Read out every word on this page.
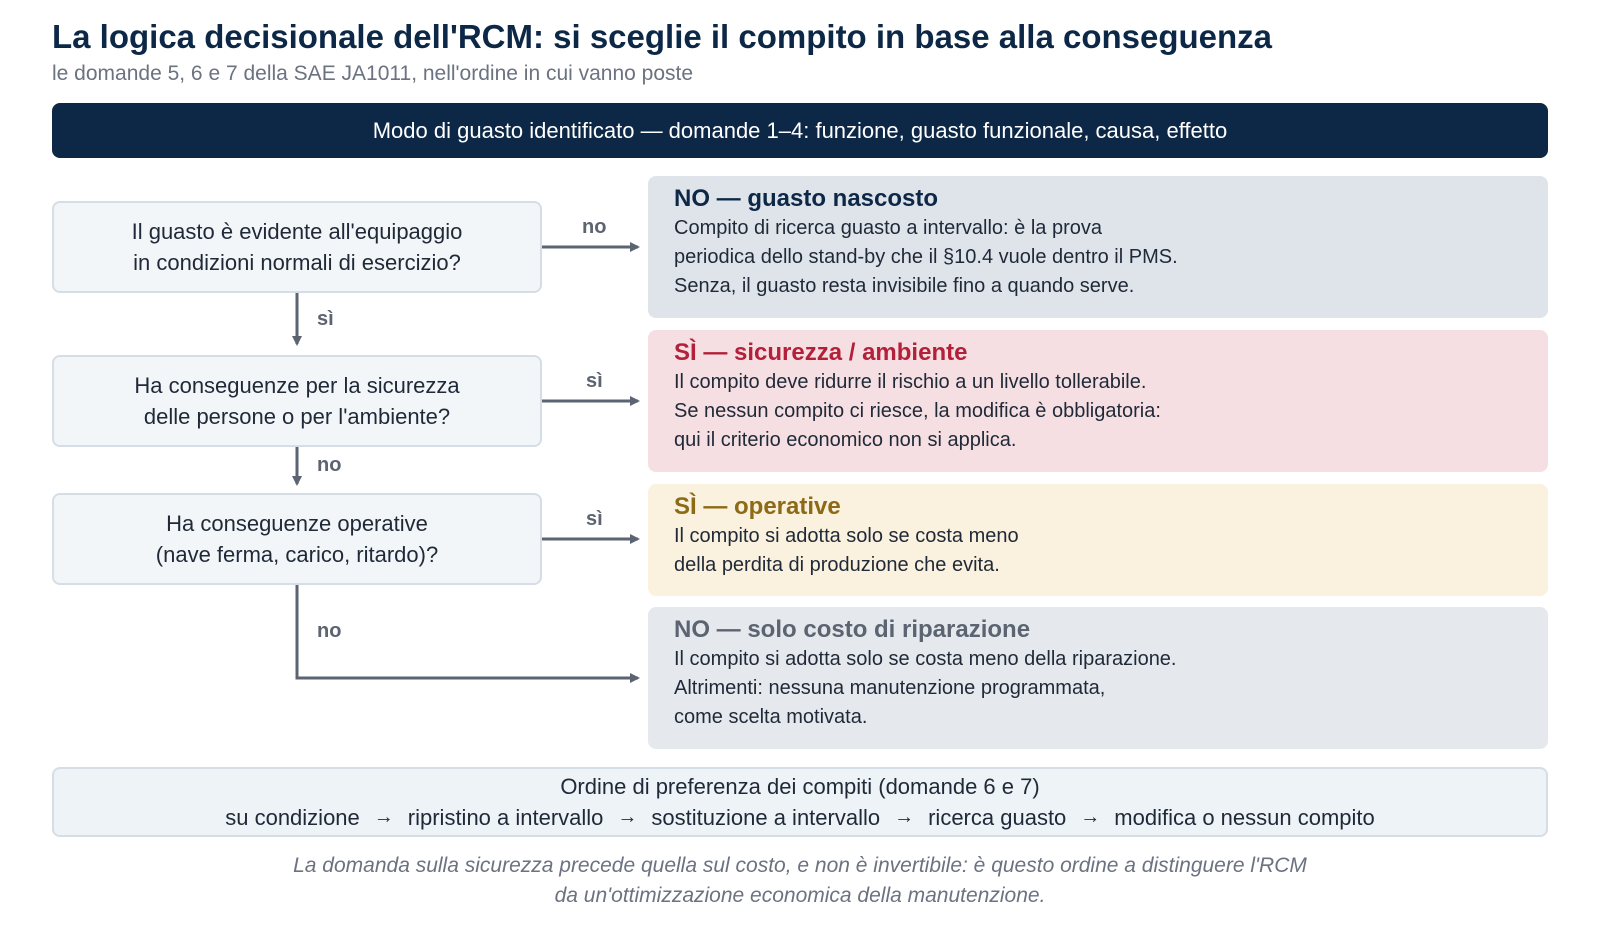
La logica decisionale dell'RCM: si sceglie il compito in base alla conseguenza
le domande 5, 6 e 7 della SAE JA1011, nell'ordine in cui vanno poste
Modo di guasto identificato — domande 1–4: funzione, guasto funzionale, causa, effetto
Il guasto è evidente all'equipaggio
in condizioni normali di esercizio?
Ha conseguenze per la sicurezza
delle persone o per l'ambiente?
Ha conseguenze operative
(nave ferma, carico, ritardo)?
no
sì
sì
no
sì
no
NO — guasto nascosto
Compito di ricerca guasto a intervallo: è la prova
periodica dello stand-by che il §10.4 vuole dentro il PMS.
Senza, il guasto resta invisibile fino a quando serve.
SÌ — sicurezza / ambiente
Il compito deve ridurre il rischio a un livello tollerabile.
Se nessun compito ci riesce, la modifica è obbligatoria:
qui il criterio economico non si applica.
SÌ — operative
Il compito si adotta solo se costa meno
della perdita di produzione che evita.
NO — solo costo di riparazione
Il compito si adotta solo se costa meno della riparazione.
Altrimenti: nessuna manutenzione programmata,
come scelta motivata.
Ordine di preferenza dei compiti (domande 6 e 7)
su condizione → ripristino a intervallo → sostituzione a intervallo → ricerca guasto → modifica o nessun compito
La domanda sulla sicurezza precede quella sul costo, e non è invertibile: è questo ordine a distinguere l'RCM
da un'ottimizzazione economica della manutenzione.
